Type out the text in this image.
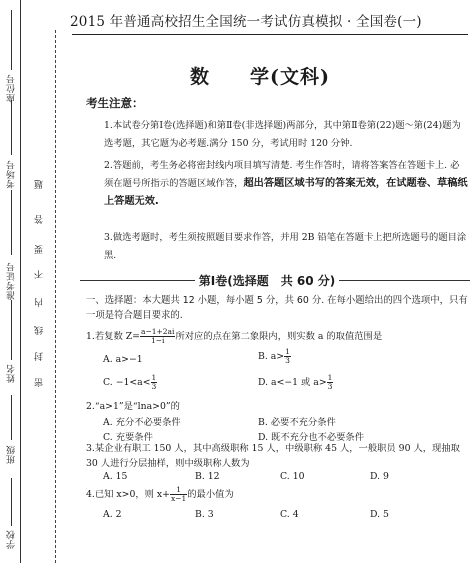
座位号
考场号
准考证号
姓名
班级
学校
题
答
要
不
内
线
封
密
2015 年普通高校招生全国统一考试仿真模拟 · 全国卷(一)
数　　学(文科)
考生注意：
1.本试卷分第Ⅰ卷(选择题)和第Ⅱ卷(非选择题)两部分，其中第Ⅱ卷第(22)题～第(24)题为选考题，其它题为必考题.满分 150 分，考试用时 120 分钟.
2.答题前，考生务必将密封线内项目填写清楚. 考生作答时，请将答案答在答题卡上. 必须在题号所指示的答题区域作答，超出答题区域书写的答案无效，在试题卷、草稿纸上答题无效.
3.做选考题时，考生须按照题目要求作答，并用 2B 铅笔在答题卡上把所选题号的题目涂黑.
第Ⅰ卷(选择题　共 60 分)
一、选择题：本大题共 12 小题，每小题 5 分，共 60 分. 在每小题给出的四个选项中，只有一项是符合题目要求的.
1.若复数 $Z= \frac{a-1+2ai}{1-i}$ 所对应的点在第二象限内，则实数 a 的取值范围是
A. a>−1	B. $a> \frac{1}{3}$
C. $-1<a< \frac{1}{3}$	D. a<−1 或 $a> \frac{1}{3}$
2.“a>1”是“lna>0”的
A. 充分不必要条件	B. 必要不充分条件
C. 充要条件	D. 既不充分也不必要条件
3.某企业有职工 150 人，其中高级职称 15 人，中级职称 45 人，一般职员 90 人，现抽取 30 人进行分层抽样，则中级职称人数为
A. 15	B. 12	C. 10	D. 9
4.已知 x>0，则 $x+ \frac{1}{x-1}$ 的最小值为
A. 2	B. 3	C. 4	D. 5
